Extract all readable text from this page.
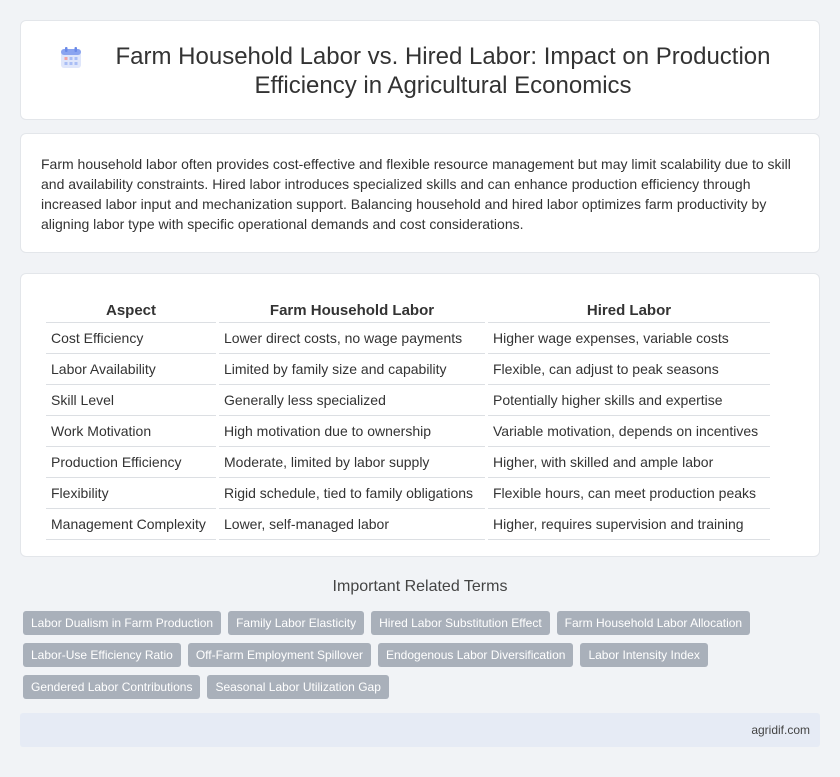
Farm Household Labor vs. Hired Labor: Impact on Production Efficiency in Agricultural Economics

Farm household labor often provides cost-effective and flexible resource management but may limit scalability due to skill and availability constraints. Hired labor introduces specialized skills and can enhance production efficiency through increased labor input and mechanization support. Balancing household and hired labor optimizes farm productivity by aligning labor type with specific operational demands and cost considerations.

Aspect	Farm Household Labor	Hired Labor
Cost Efficiency	Lower direct costs, no wage payments	Higher wage expenses, variable costs
Labor Availability	Limited by family size and capability	Flexible, can adjust to peak seasons
Skill Level	Generally less specialized	Potentially higher skills and expertise
Work Motivation	High motivation due to ownership	Variable motivation, depends on incentives
Production Efficiency	Moderate, limited by labor supply	Higher, with skilled and ample labor
Flexibility	Rigid schedule, tied to family obligations	Flexible hours, can meet production peaks
Management Complexity	Lower, self-managed labor	Higher, requires supervision and training
Important Related Terms
Labor Dualism in Farm Production	Family Labor Elasticity	Hired Labor Substitution Effect	Farm Household Labor Allocation
Labor-Use Efficiency Ratio	Off-Farm Employment Spillover	Endogenous Labor Diversification	Labor Intensity Index
Gendered Labor Contributions	Seasonal Labor Utilization Gap
agridif.com
